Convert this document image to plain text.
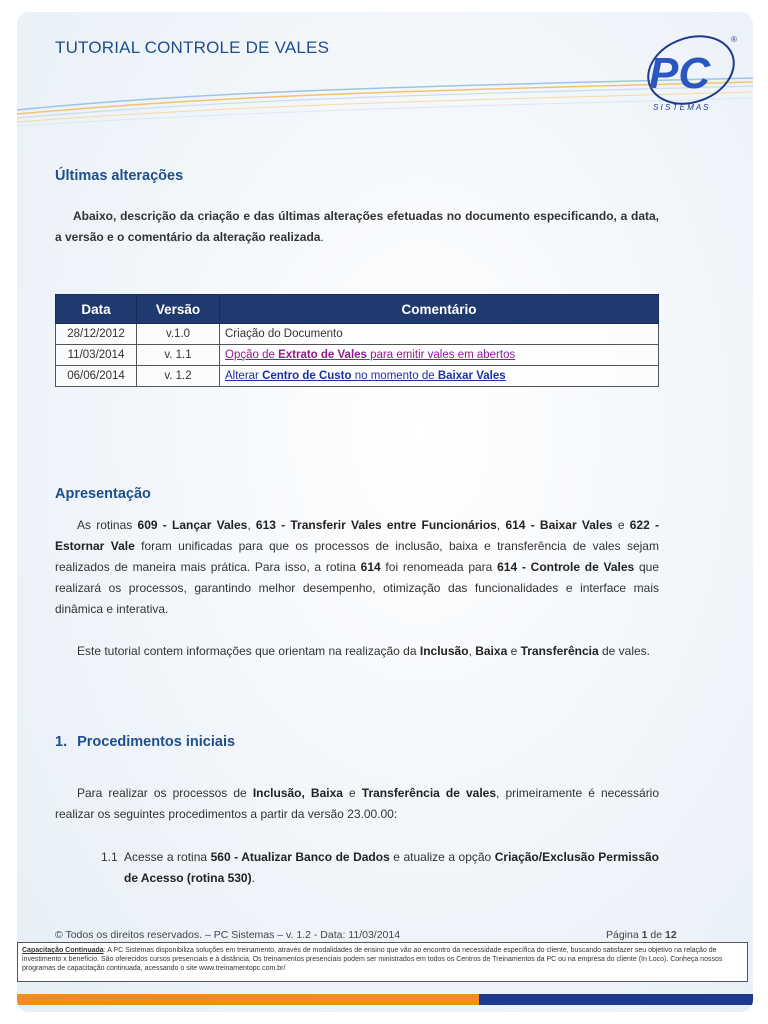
TUTORIAL CONTROLE DE VALES
PC
S I S T E M A S
®
Últimas alterações
Abaixo, descrição da criação e das últimas alterações efetuadas no documento especificando, a data, a versão e o comentário da alteração realizada.
Data	Versão	Comentário
28/12/2012	v.1.0	Criação do Documento
11/03/2014	v. 1.1	Opção de Extrato de Vales para emitir vales em abertos
06/06/2014	v. 1.2	Alterar Centro de Custo no momento de Baixar Vales
Apresentação
As rotinas 609 - Lançar Vales, 613 - Transferir Vales entre Funcionários, 614 - Baixar Vales e 622 - Estornar Vale foram unificadas para que os processos de inclusão, baixa e transferência de vales sejam realizados de maneira mais prática. Para isso, a rotina 614 foi renomeada para 614 - Controle de Vales que realizará os processos, garantindo melhor desempenho, otimização das funcionalidades e interface mais dinâmica e interativa.
Este tutorial contem informações que orientam na realização da Inclusão, Baixa e Transferência de vales.
1. Procedimentos iniciais
Para realizar os processos de Inclusão, Baixa e Transferência de vales, primeiramente é necessário realizar os seguintes procedimentos a partir da versão 23.00.00:
1.1 Acesse a rotina 560 - Atualizar Banco de Dados e atualize a opção Criação/Exclusão Permissão de Acesso (rotina 530).
© Todos os direitos reservados. – PC Sistemas – v. 1.2 - Data: 11/03/2014	Página 1 de 12
Capacitação Continuada: A PC Sistemas disponibiliza soluções em treinamento, através de modalidades de ensino que vão ao encontro da necessidade específica do cliente, buscando satisfazer seu objetivo na relação de investimento x benefício. São oferecidos cursos presenciais e à distância. Os treinamentos presenciais podem ser ministrados em todos os Centros de Treinamentos da PC ou na empresa do cliente (In Loco). Conheça nossos programas de capacitação continuada, acessando o site www.treinamentopc.com.br/
